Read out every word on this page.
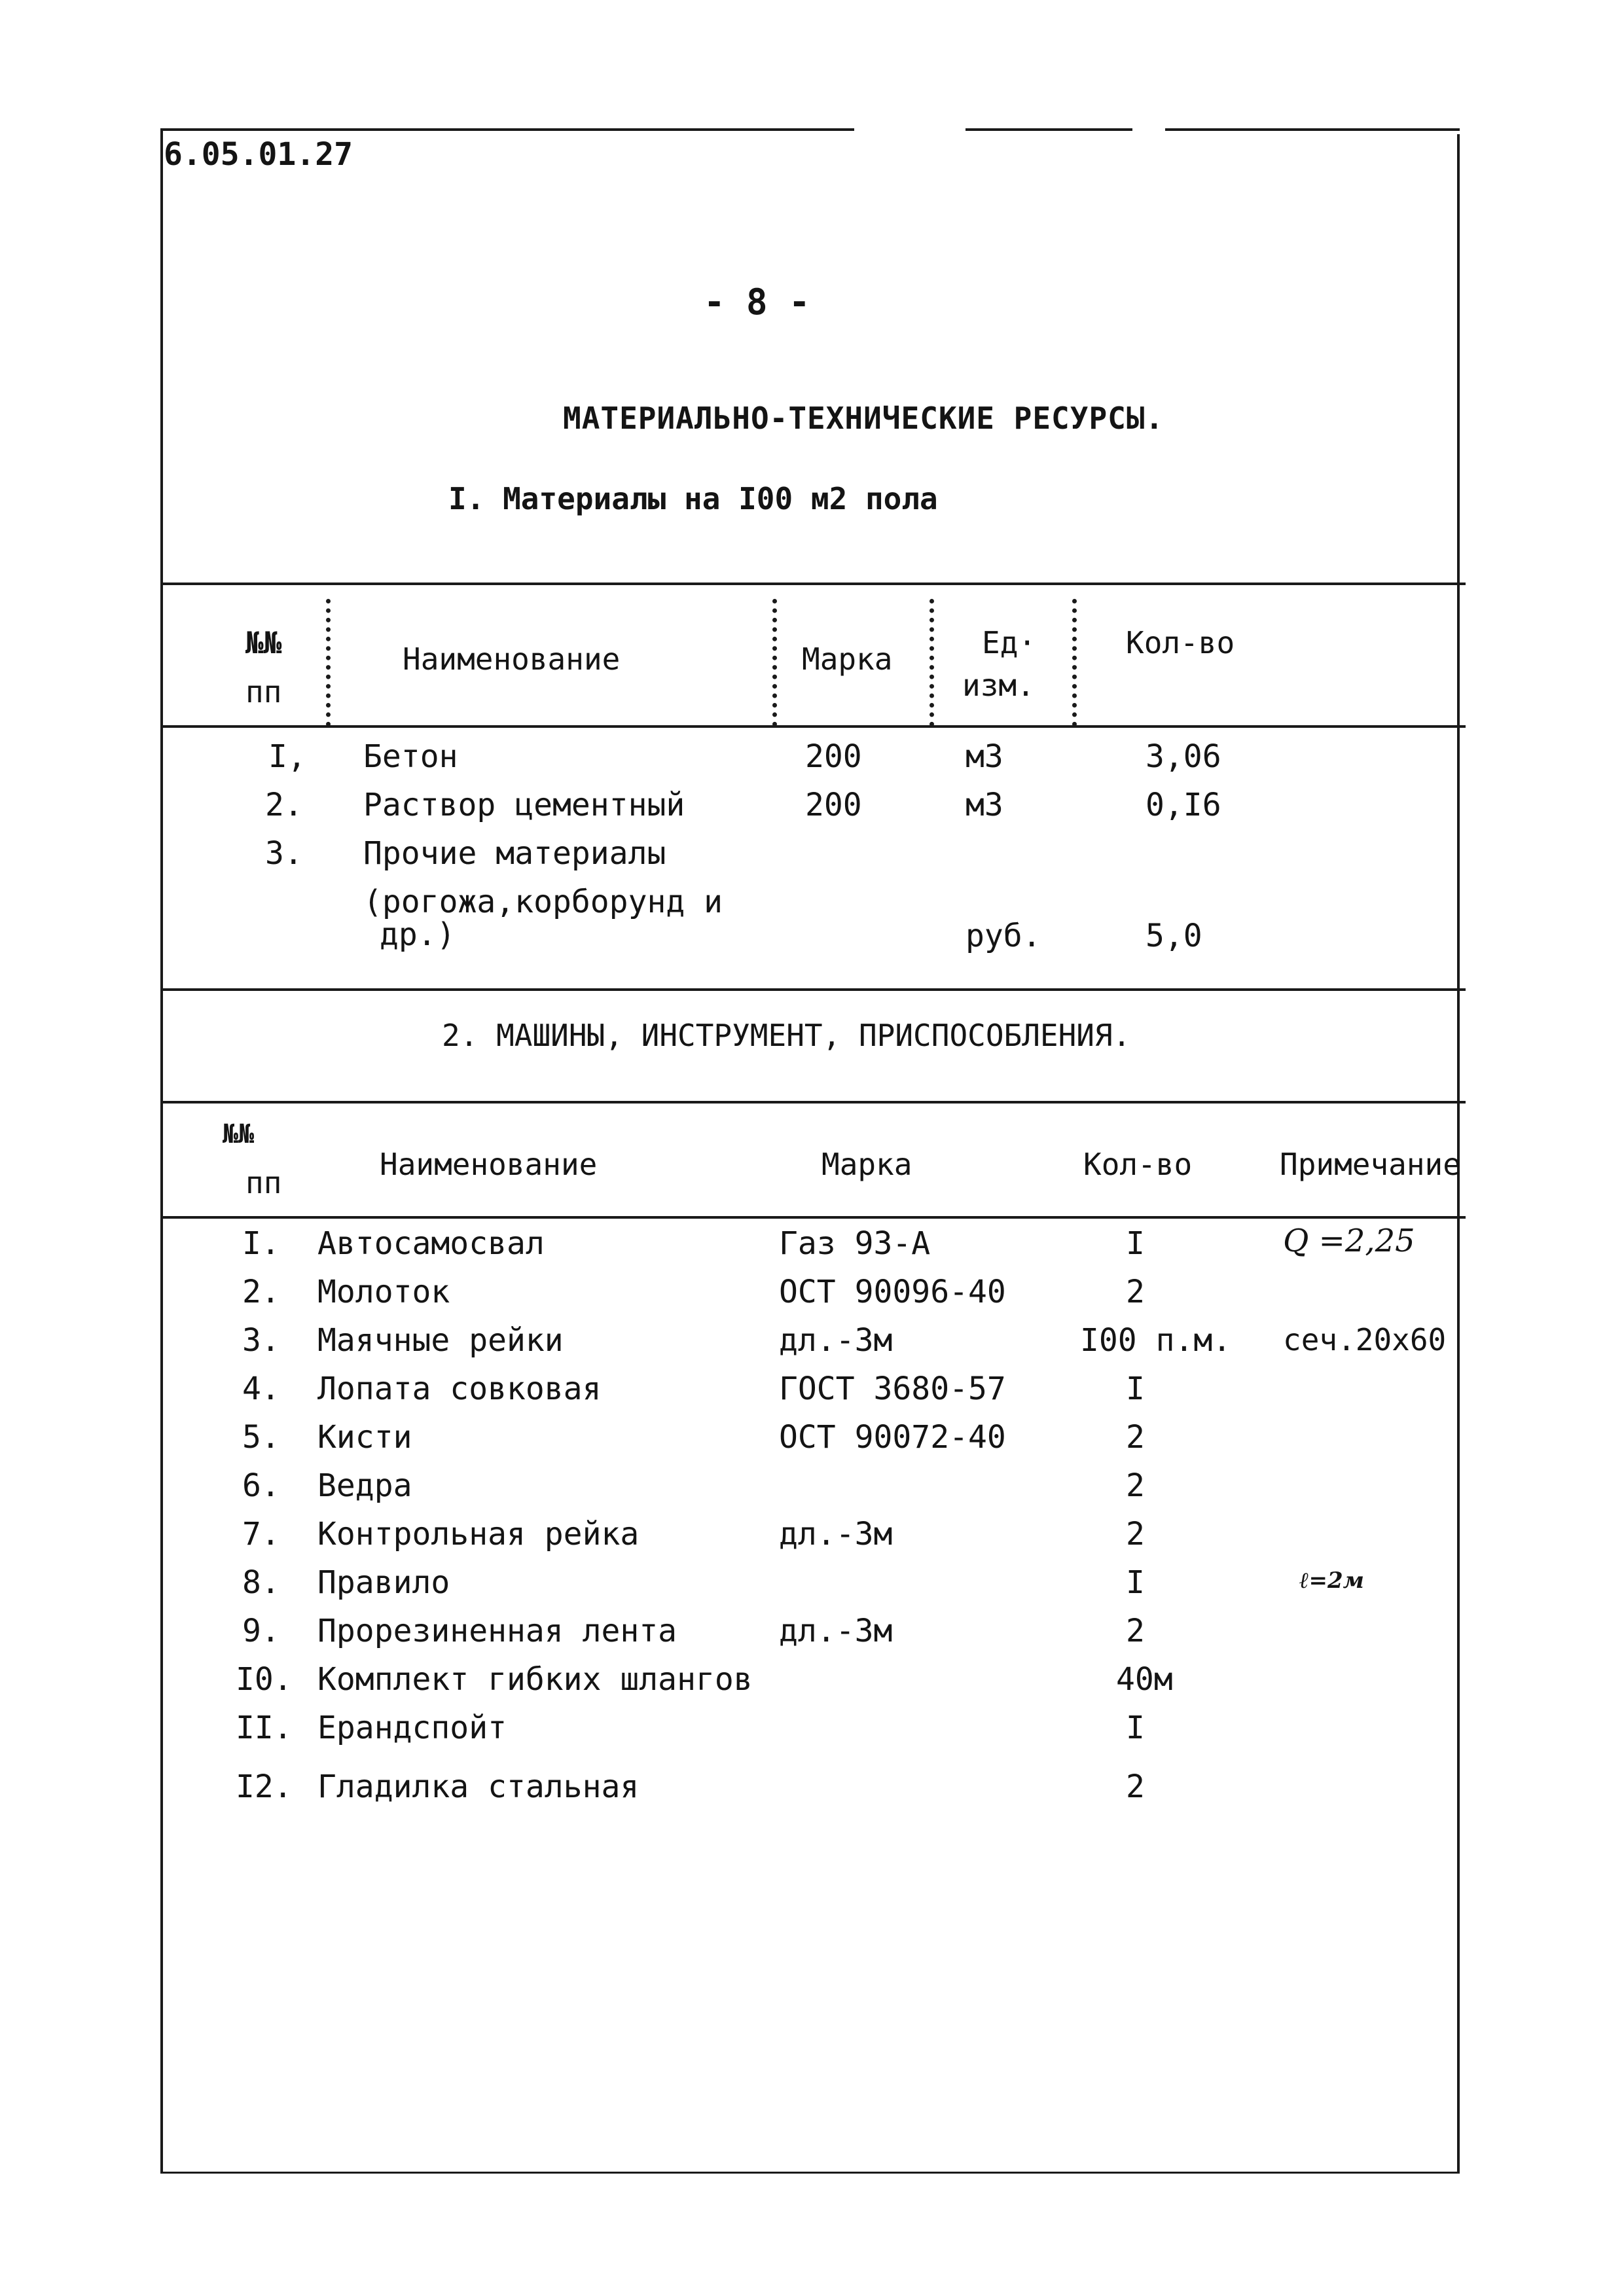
6.05.01.27
- 8 -
МАТЕРИАЛЬНО-ТЕХНИЧЕСКИЕ РЕСУРСЫ.
I. Материалы на I00 м2 пола
№№
пп
Наименование	Марка	Ед·
изм.
Кол-во
I, Бетон	200	м3	3,06
2. Раствор цементный	200	м3	0,I6
3. Прочие материалы
(рогожа,корборунд и
др.)	руб.	5,0
2. МАШИНЫ, ИНСТРУМЕНТ, ПРИСПОСОБЛЕНИЯ.
№№
пп
Наименование	Марка	Кол-во	Примечание
I. Автосамосвал	Газ 93-А	I	Q =2,25
2. Молоток	ОСТ 90096-40	2
3. Маячные рейки	дл.-3м	I00 п.м. сеч.20х60
4. Лопата совковая	ГОСТ 3680-57	I
5. Кисти	ОСТ 90072-40	2
6. Ведра	2
7. Контрольная рейка	дл.-3м	2
8. Правило	I	ℓ=2м
9. Прорезиненная лента	дл.-3м	2
I0. Комплект гибких шлангов	40м
II. Ерандспойт	I
I2. Гладилка стальная	2
